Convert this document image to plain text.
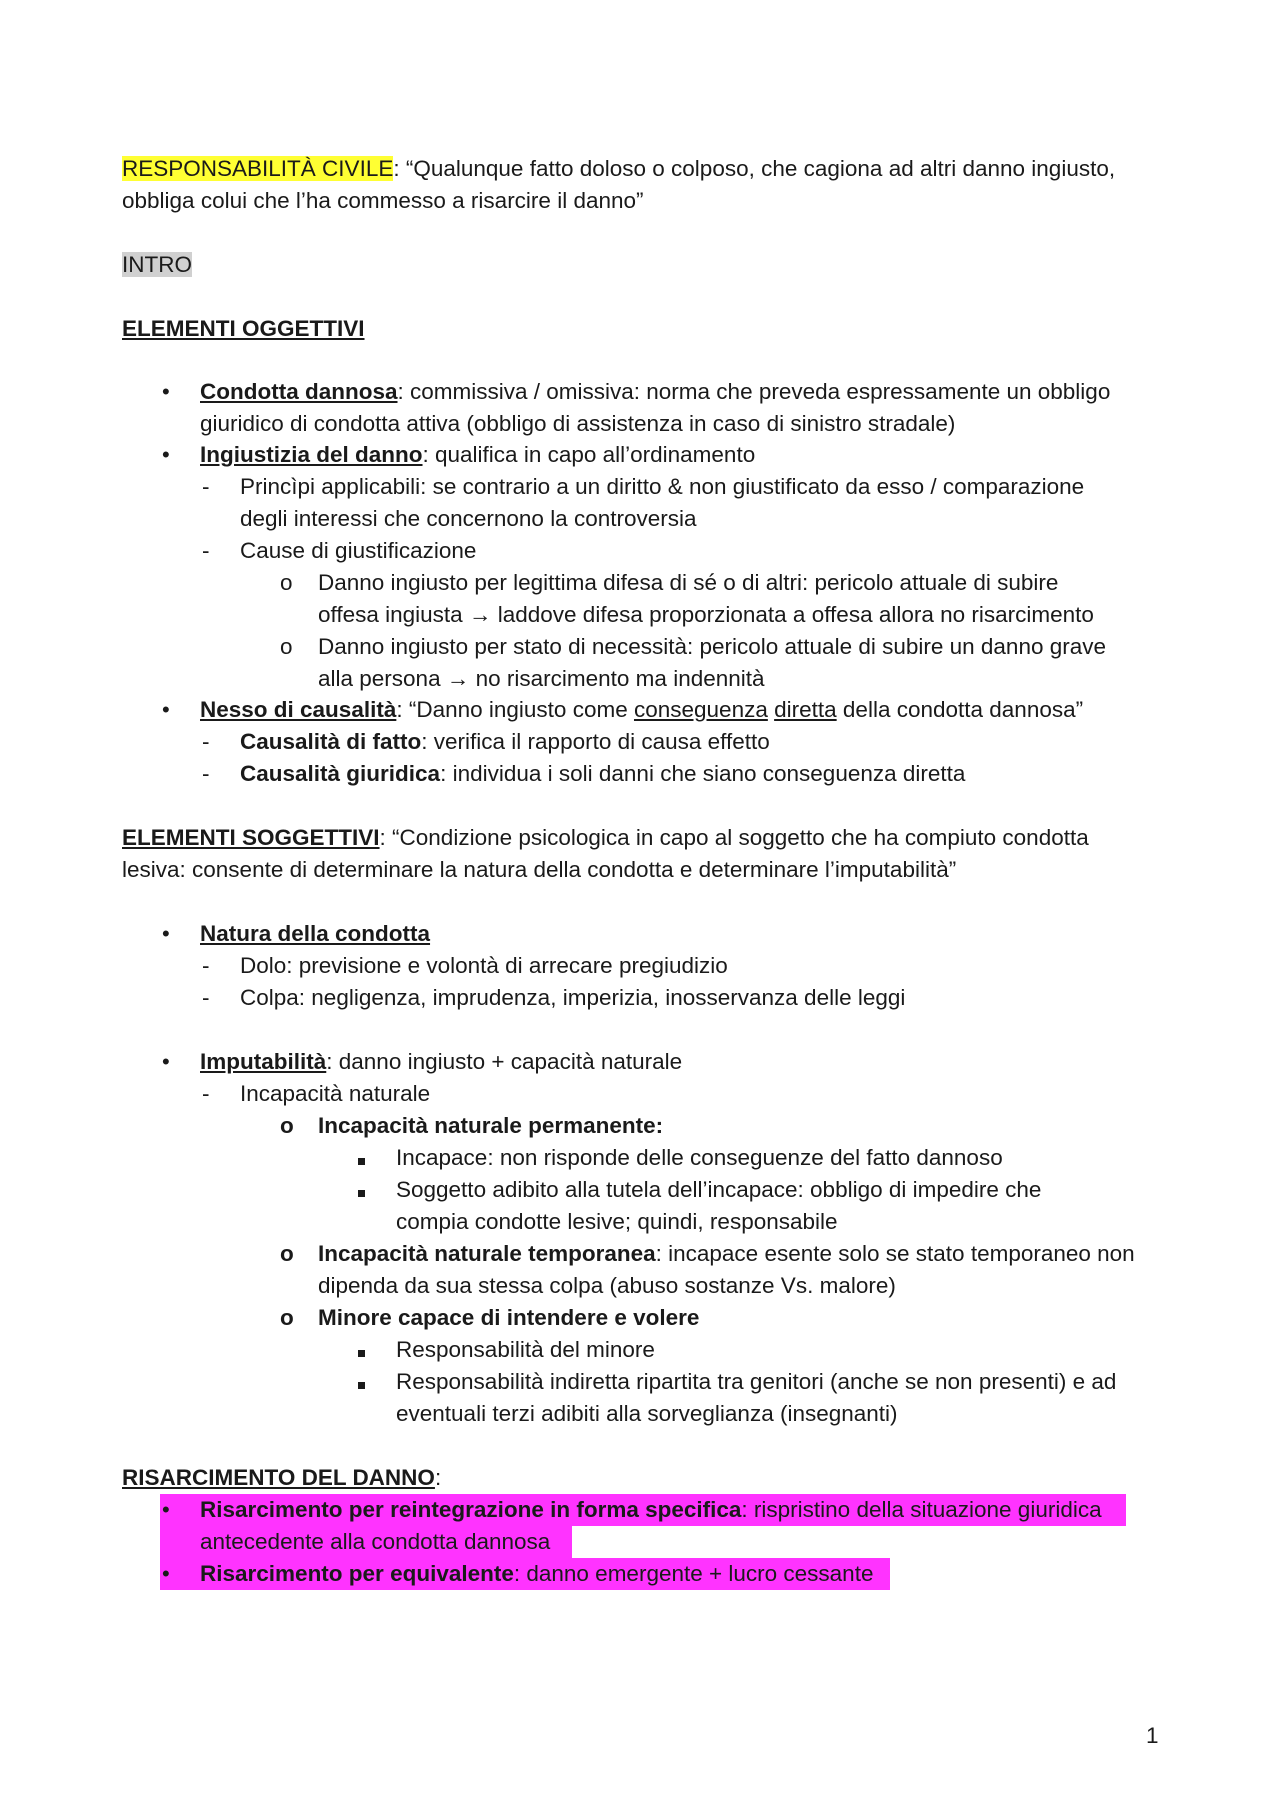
RESPONSABILITÀ CIVILE: “Qualunque fatto doloso o colposo, che cagiona ad altri danno ingiusto,
obbliga colui che l’ha commesso a risarcire il danno”
INTRO
ELEMENTI OGGETTIVI
• Condotta dannosa: commissiva / omissiva: norma che preveda espressamente un obbligo
giuridico di condotta attiva (obbligo di assistenza in caso di sinistro stradale)
• Ingiustizia del danno: qualifica in capo all’ordinamento
- Princìpi applicabili: se contrario a un diritto & non giustificato da esso / comparazione
degli interessi che concernono la controversia
- Cause di giustificazione
o Danno ingiusto per legittima difesa di sé o di altri: pericolo attuale di subire
offesa ingiusta → laddove difesa proporzionata a offesa allora no risarcimento
o Danno ingiusto per stato di necessità: pericolo attuale di subire un danno grave
alla persona → no risarcimento ma indennità
• Nesso di causalità: “Danno ingiusto come conseguenza diretta della condotta dannosa”
- Causalità di fatto: verifica il rapporto di causa effetto
- Causalità giuridica: individua i soli danni che siano conseguenza diretta
ELEMENTI SOGGETTIVI: “Condizione psicologica in capo al soggetto che ha compiuto condotta
lesiva: consente di determinare la natura della condotta e determinare l’imputabilità”
• Natura della condotta
- Dolo: previsione e volontà di arrecare pregiudizio
- Colpa: negligenza, imprudenza, imperizia, inosservanza delle leggi
• Imputabilità: danno ingiusto + capacità naturale
- Incapacità naturale
o Incapacità naturale permanente:
Incapace: non risponde delle conseguenze del fatto dannoso
Soggetto adibito alla tutela dell’incapace: obbligo di impedire che
compia condotte lesive; quindi, responsabile
o Incapacità naturale temporanea: incapace esente solo se stato temporaneo non
dipenda da sua stessa colpa (abuso sostanze Vs. malore)
o Minore capace di intendere e volere
Responsabilità del minore
Responsabilità indiretta ripartita tra genitori (anche se non presenti) e ad
eventuali terzi adibiti alla sorveglianza (insegnanti)
RISARCIMENTO DEL DANNO:
• Risarcimento per reintegrazione in forma specifica: rispristino della situazione giuridica
antecedente alla condotta dannosa
• Risarcimento per equivalente: danno emergente + lucro cessante
1
